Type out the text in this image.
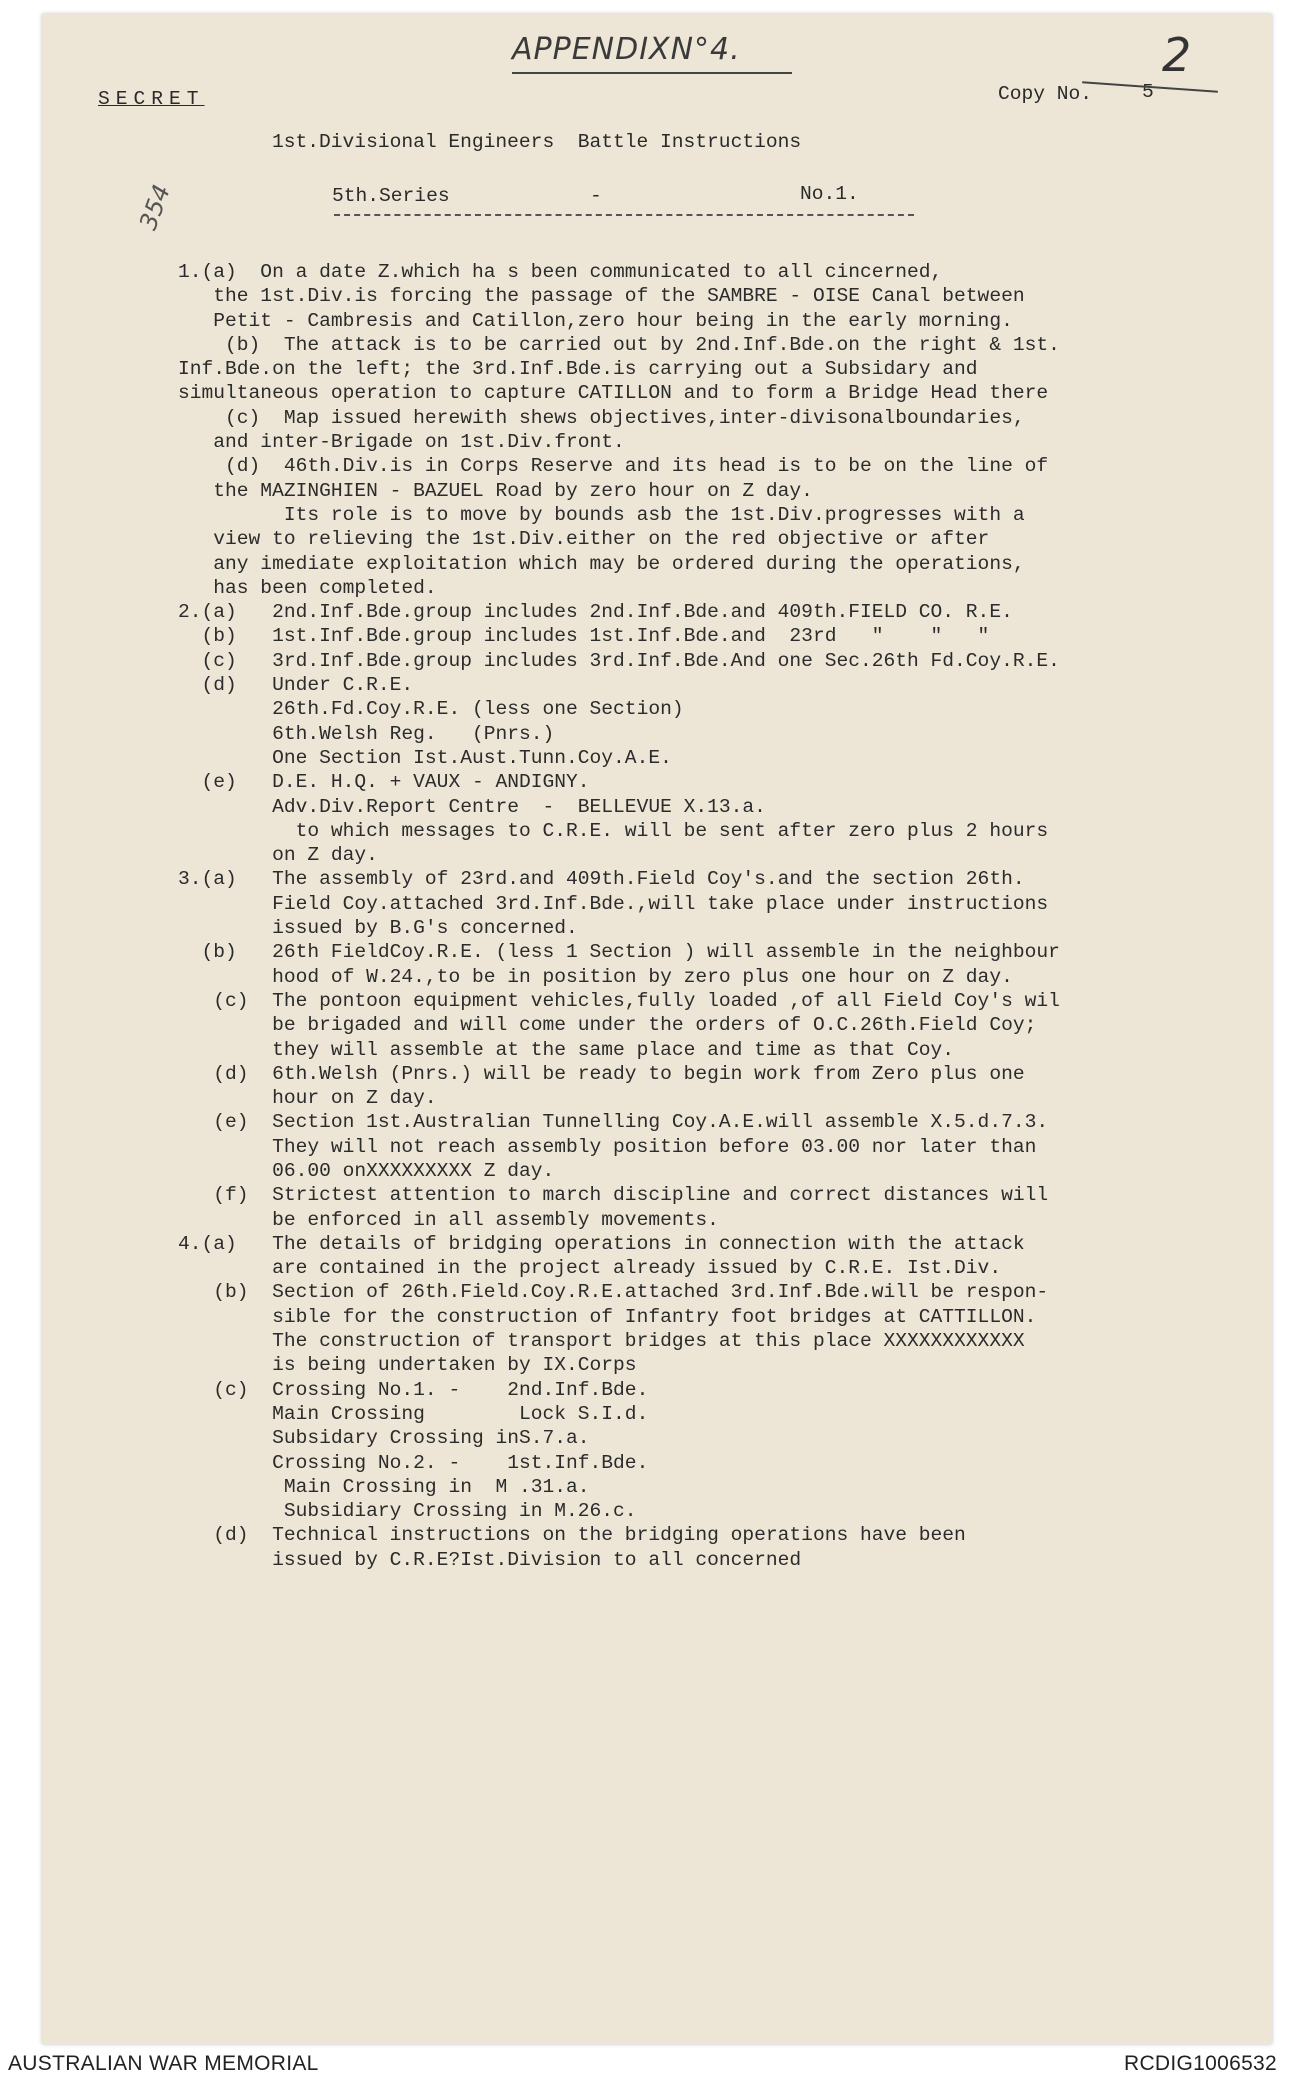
APPENDIXN°4.
SECRET	Copy No.	5
2
354
1st.Divisional Engineers  Battle Instructions
5th.Series	-	No.1.
1.(a)  On a date Z.which ha s been communicated to all cincerned,
the 1st.Div.is forcing the passage of the SAMBRE - OISE Canal between
Petit - Cambresis and Catillon,zero hour being in the early morning.
(b)  The attack is to be carried out by 2nd.Inf.Bde.on the right & 1st.
Inf.Bde.on the left; the 3rd.Inf.Bde.is carrying out a Subsidary and
simultaneous operation to capture CATILLON and to form a Bridge Head there
(c)  Map issued herewith shews objectives,inter-divisonalboundaries,
and inter-Brigade on 1st.Div.front.
(d)  46th.Div.is in Corps Reserve and its head is to be on the line of
the MAZINGHIEN - BAZUEL Road by zero hour on Z day.
Its role is to move by bounds asb the 1st.Div.progresses with a
view to relieving the 1st.Div.either on the red objective or after
any imediate exploitation which may be ordered during the operations,
has been completed.
2.(a)   2nd.Inf.Bde.group includes 2nd.Inf.Bde.and 409th.FIELD CO. R.E.
(b)   1st.Inf.Bde.group includes 1st.Inf.Bde.and  23rd   "    "   "
(c)   3rd.Inf.Bde.group includes 3rd.Inf.Bde.And one Sec.26th Fd.Coy.R.E.
(d)   Under C.R.E.
26th.Fd.Coy.R.E. (less one Section)
6th.Welsh Reg.   (Pnrs.)
One Section Ist.Aust.Tunn.Coy.A.E.
(e)   D.E. H.Q. + VAUX - ANDIGNY.
Adv.Div.Report Centre  -  BELLEVUE X.13.a.
to which messages to C.R.E. will be sent after zero plus 2 hours
on Z day.
3.(a)   The assembly of 23rd.and 409th.Field Coy's.and the section 26th.
Field Coy.attached 3rd.Inf.Bde.,will take place under instructions
issued by B.G's concerned.
(b)   26th FieldCoy.R.E. (less 1 Section ) will assemble in the neighbour
hood of W.24.,to be in position by zero plus one hour on Z day.
(c)  The pontoon equipment vehicles,fully loaded ,of all Field Coy's wil
be brigaded and will come under the orders of O.C.26th.Field Coy;
they will assemble at the same place and time as that Coy.
(d)  6th.Welsh (Pnrs.) will be ready to begin work from Zero plus one
hour on Z day.
(e)  Section 1st.Australian Tunnelling Coy.A.E.will assemble X.5.d.7.3.
They will not reach assembly position before 03.00 nor later than
06.00 onXXXXXXXXX Z day.
(f)  Strictest attention to march discipline and correct distances will
be enforced in all assembly movements.
4.(a)   The details of bridging operations in connection with the attack
are contained in the project already issued by C.R.E. Ist.Div.
(b)  Section of 26th.Field.Coy.R.E.attached 3rd.Inf.Bde.will be respon-
sible for the construction of Infantry foot bridges at CATTILLON.
The construction of transport bridges at this place XXXXXXXXXXXX
is being undertaken by IX.Corps
(c)  Crossing No.1. -    2nd.Inf.Bde.
Main Crossing        Lock S.I.d.
Subsidary Crossing inS.7.a.
Crossing No.2. -    1st.Inf.Bde.
Main Crossing in  M .31.a.
Subsidiary Crossing in M.26.c.
(d)  Technical instructions on the bridging operations have been
issued by C.R.E?Ist.Division to all concerned
AUSTRALIAN WAR MEMORIAL	RCDIG1006532
